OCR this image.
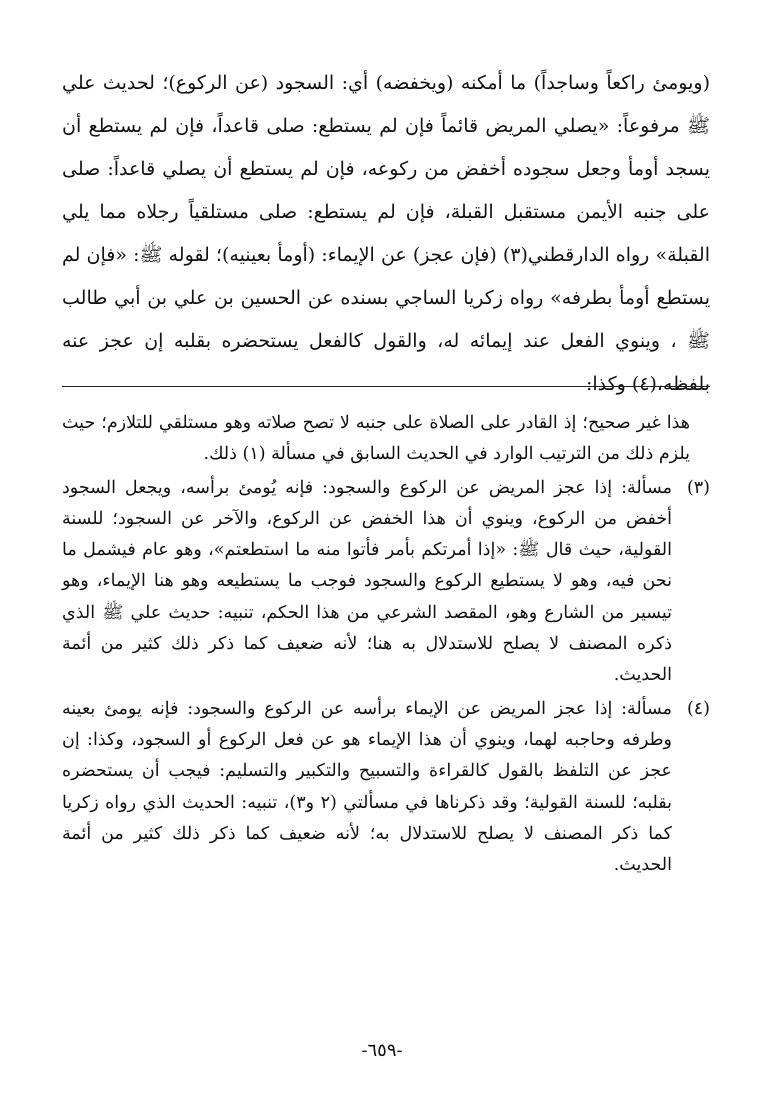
(ويومئ راكعاً وساجداً) ما أمكنه (ويخفضه) أي: السجود (عن الركوع)؛ لحديث علي ﷺ مرفوعاً: «يصلي المريض قائماً فإن لم يستطع: صلى قاعداً، فإن لم يستطع أن يسجد أومأ وجعل سجوده أخفض من ركوعه، فإن لم يستطع أن يصلي قاعداً: صلى على جنبه الأيمن مستقبل القبلة، فإن لم يستطع: صلى مستلقياً رجلاه مما يلي القبلة» رواه الدارقطني(٣) (فإن عجز) عن الإيماء: (أومأ بعينيه)؛ لقوله ﷺ: «فإن لم يستطع أومأ بطرفه» رواه زكريا الساجي بسنده عن الحسين بن علي بن أبي طالب ﷺ ، وينوي الفعل عند إيمائه له، والقول كالفعل يستحضره بقلبه إن عجز عنه بلفظه،(٤) وكذا:

هذا غير صحيح؛ إذ القادر على الصلاة على جنبه لا تصح صلاته وهو مستلقي للتلازم؛ حيث يلزم ذلك من الترتيب الوارد في الحديث السابق في مسألة (١) ذلك.

(٣)
مسألة: إذا عجز المريض عن الركوع والسجود: فإنه يُومئ برأسه، ويجعل السجود أخفض من الركوع، وينوي أن هذا الخفض عن الركوع، والآخر عن السجود؛ للسنة القولية، حيث قال ﷺ: «إذا أمرتكم بأمر فأتوا منه ما استطعتم»، وهو عام فيشمل ما نحن فيه، وهو لا يستطيع الركوع والسجود فوجب ما يستطيعه وهو هنا الإيماء، وهو تيسير من الشارع وهو، المقصد الشرعي من هذا الحكم، تنبيه: حديث علي ﷺ الذي ذكره المصنف لا يصلح للاستدلال به هنا؛ لأنه ضعيف كما ذكر ذلك كثير من أئمة الحديث.

(٤)
مسألة: إذا عجز المريض عن الإيماء برأسه عن الركوع والسجود: فإنه يومئ بعينه وطرفه وحاجبه لهما، وينوي أن هذا الإيماء هو عن فعل الركوع أو السجود، وكذا: إن عجز عن التلفظ بالقول كالقراءة والتسبيح والتكبير والتسليم: فيجب أن يستحضره بقلبه؛ للسنة القولية؛ وقد ذكرناها في مسألتي (٢ و٣)، تنبيه: الحديث الذي رواه زكريا كما ذكر المصنف لا يصلح للاستدلال به؛ لأنه ضعيف كما ذكر ذلك كثير من أئمة الحديث.

-٦٥٩-
